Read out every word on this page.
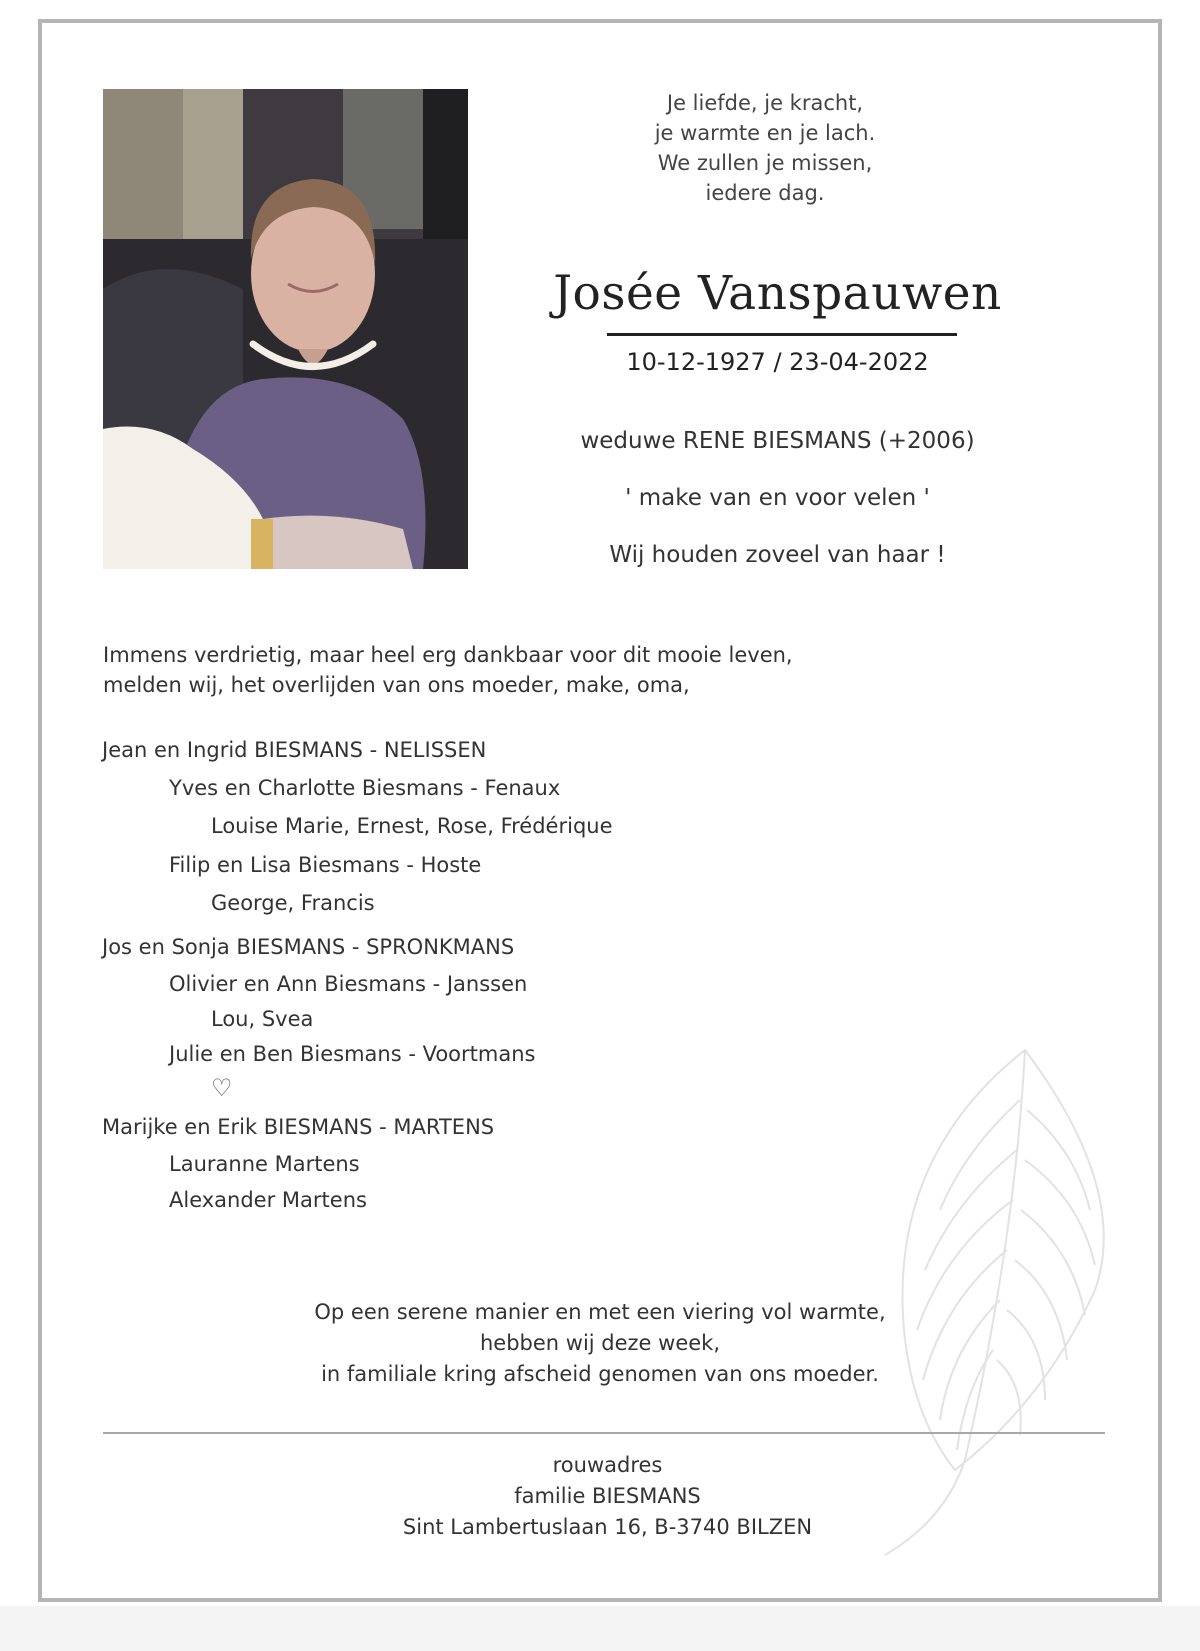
Je liefde, je kracht,
je warmte en je lach.
We zullen je missen,
iedere dag.
Josée Vanspauwen
10-12-1927 / 23-04-2022
weduwe RENE BIESMANS (+2006)
' make van en voor velen '
Wij houden zoveel van haar !
Immens verdrietig, maar heel erg dankbaar voor dit mooie leven,
melden wij, het overlijden van ons moeder, make, oma,
Jean en Ingrid BIESMANS - NELISSEN
Yves en Charlotte Biesmans - Fenaux
Louise Marie, Ernest, Rose, Frédérique
Filip en Lisa Biesmans - Hoste
George, Francis
Jos en Sonja BIESMANS - SPRONKMANS
Olivier en Ann Biesmans - Janssen
Lou, Svea
Julie en Ben Biesmans - Voortmans
♡
Marijke en Erik BIESMANS - MARTENS
Lauranne Martens
Alexander Martens
Op een serene manier en met een viering vol warmte,
hebben wij deze week,
in familiale kring afscheid genomen van ons moeder.
rouwadres
familie BIESMANS
Sint Lambertuslaan 16, B-3740 BILZEN
